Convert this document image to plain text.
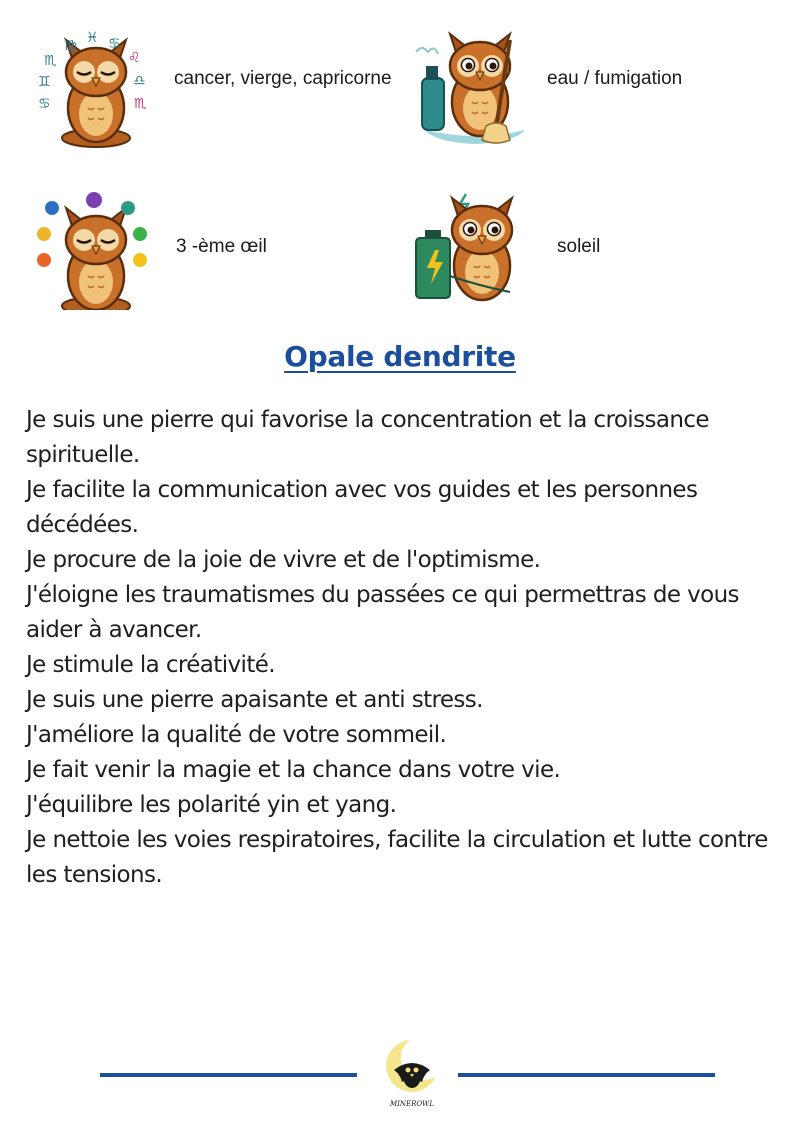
♏
♍ ♓ ♋
♌
♊
♋
♎
♏
cancer, vierge, capricorne	eau / fumigation
3 -ème œil	soleil
Opale dendrite
Je suis une pierre qui favorise la concentration et la croissance spirituelle.
Je facilite la communication avec vos guides et les personnes décédées.
Je procure de la joie de vivre et de l'optimisme.
J'éloigne les traumatismes du passées ce qui permettras de vous aider à avancer.
Je stimule la créativité.
Je suis une pierre apaisante et anti stress.
J'améliore la qualité de votre sommeil.
Je fait venir la magie et la chance dans votre vie.
J'équilibre les polarité yin et yang.
Je nettoie les voies respiratoires, facilite la circulation et lutte contre les tensions.
MINEROWL
